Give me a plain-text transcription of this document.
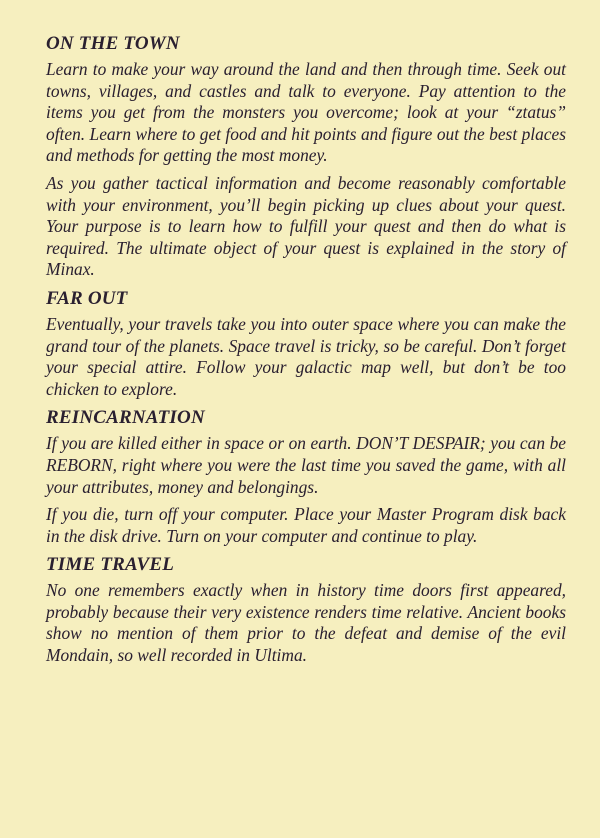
ON THE TOWN

Learn to make your way around the land and then through time. Seek out towns, villages, and castles and talk to everyone. Pay attention to the items you get from the monsters you overcome; look at your “ztatus” often. Learn where to get food and hit points and figure out the best places and methods for getting the most money.

As you gather tactical information and become reasonably comfortable with your environment, you’ll begin picking up clues about your quest. Your purpose is to learn how to fulfill your quest and then do what is required. The ultimate object of your quest is explained in the story of Minax.

FAR OUT

Eventually, your travels take you into outer space where you can make the grand tour of the planets. Space travel is tricky, so be careful. Don’t forget your special attire. Follow your galactic map well, but don’t be too chicken to explore.

REINCARNATION

If you are killed either in space or on earth. DON’T DESPAIR; you can be REBORN, right where you were the last time you saved the game, with all your attributes, money and belongings.

If you die, turn off your computer. Place your Master Program disk back in the disk drive. Turn on your computer and continue to play.

TIME TRAVEL

No one remembers exactly when in history time doors first appeared, probably because their very existence renders time relative. Ancient books show no mention of them prior to the defeat and demise of the evil Mondain, so well recorded in Ultima.
